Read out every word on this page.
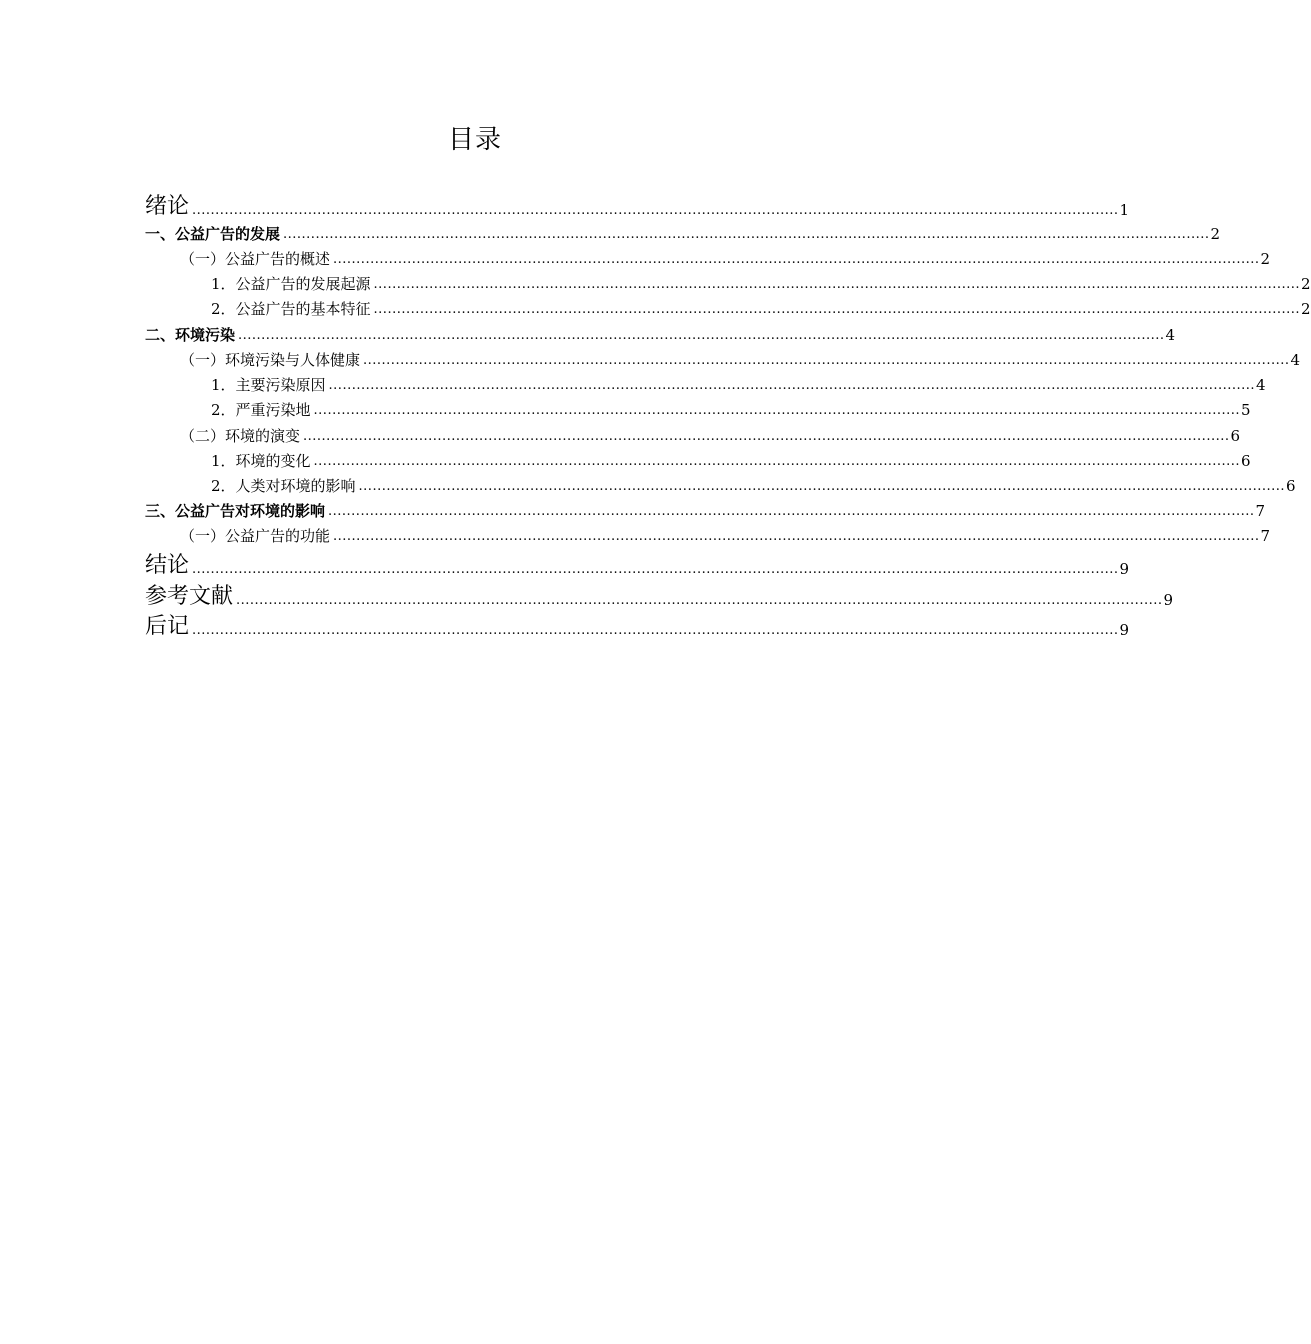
目录
绪论 ........................................................................................................................................................................................................ 1
一、公益广告的发展 ........................................................................................................................................................................................................ 2
（一）公益广告的概述 ........................................................................................................................................................................................................ 2
1．公益广告的发展起源 ........................................................................................................................................................................................................ 2
2．公益广告的基本特征 ........................................................................................................................................................................................................ 2
二、环境污染 ........................................................................................................................................................................................................ 4
（一）环境污染与人体健康 ........................................................................................................................................................................................................ 4
1．主要污染原因 ........................................................................................................................................................................................................ 4
2．严重污染地 ........................................................................................................................................................................................................ 5
（二）环境的演变 ........................................................................................................................................................................................................ 6
1．环境的变化 ........................................................................................................................................................................................................ 6
2．人类对环境的影响 ........................................................................................................................................................................................................ 6
三、公益广告对环境的影响 ........................................................................................................................................................................................................ 7
（一）公益广告的功能 ........................................................................................................................................................................................................ 7
结论 ........................................................................................................................................................................................................ 9
参考文献 ........................................................................................................................................................................................................ 9
后记 ........................................................................................................................................................................................................ 9
